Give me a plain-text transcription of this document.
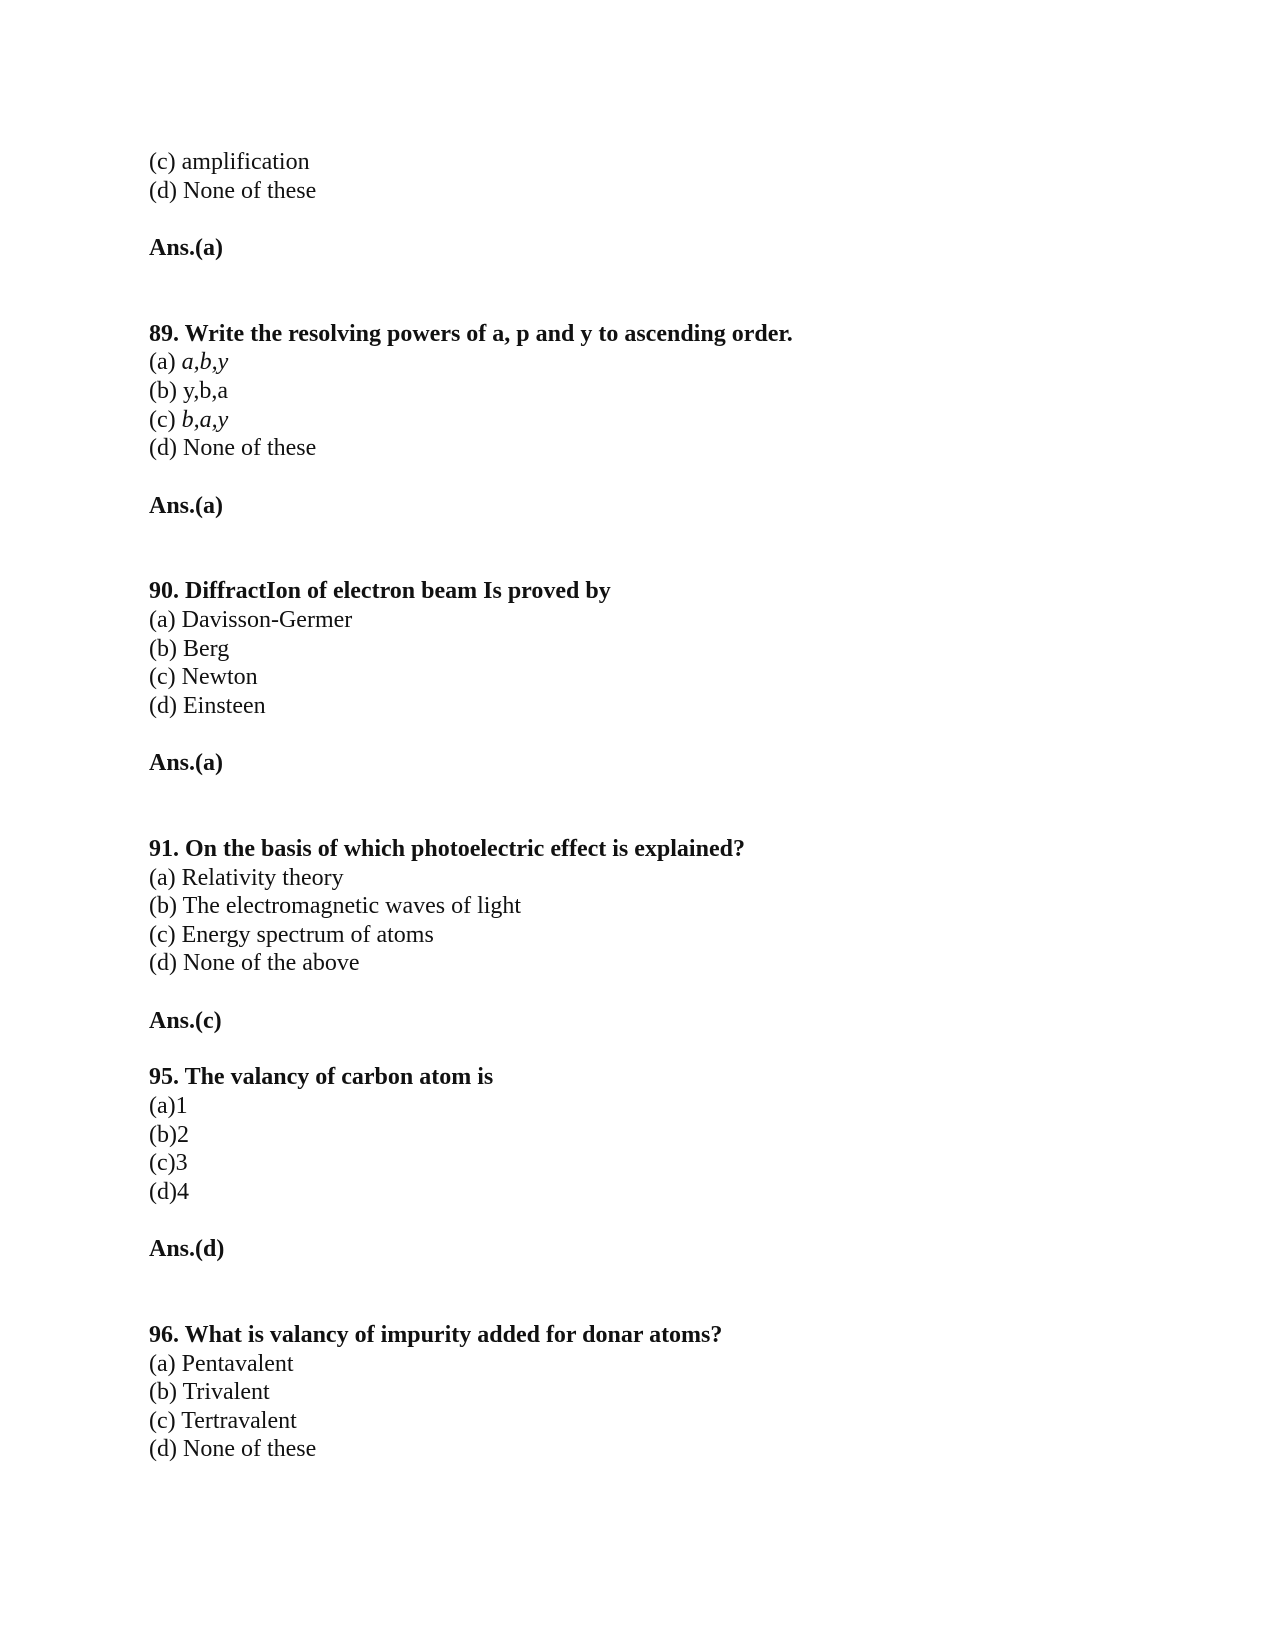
(c) amplification
(d) None of these
Ans.(a)
89. Write the resolving powers of a, p and y to ascending order.
(a) a,b,y
(b) y,b,a
(c) b,a,y
(d) None of these
Ans.(a)
90. DiffractIon of electron beam Is proved by
(a) Davisson-Germer
(b) Berg
(c) Newton
(d) Einsteen
Ans.(a)
91. On the basis of which photoelectric effect is explained?
(a) Relativity theory
(b) The electromagnetic waves of light
(c) Energy spectrum of atoms
(d) None of the above
Ans.(c)
95. The valancy of carbon atom is
(a)1
(b)2
(c)3
(d)4
Ans.(d)
96. What is valancy of impurity added for donar atoms?
(a) Pentavalent
(b) Trivalent
(c) Tertravalent
(d) None of these
